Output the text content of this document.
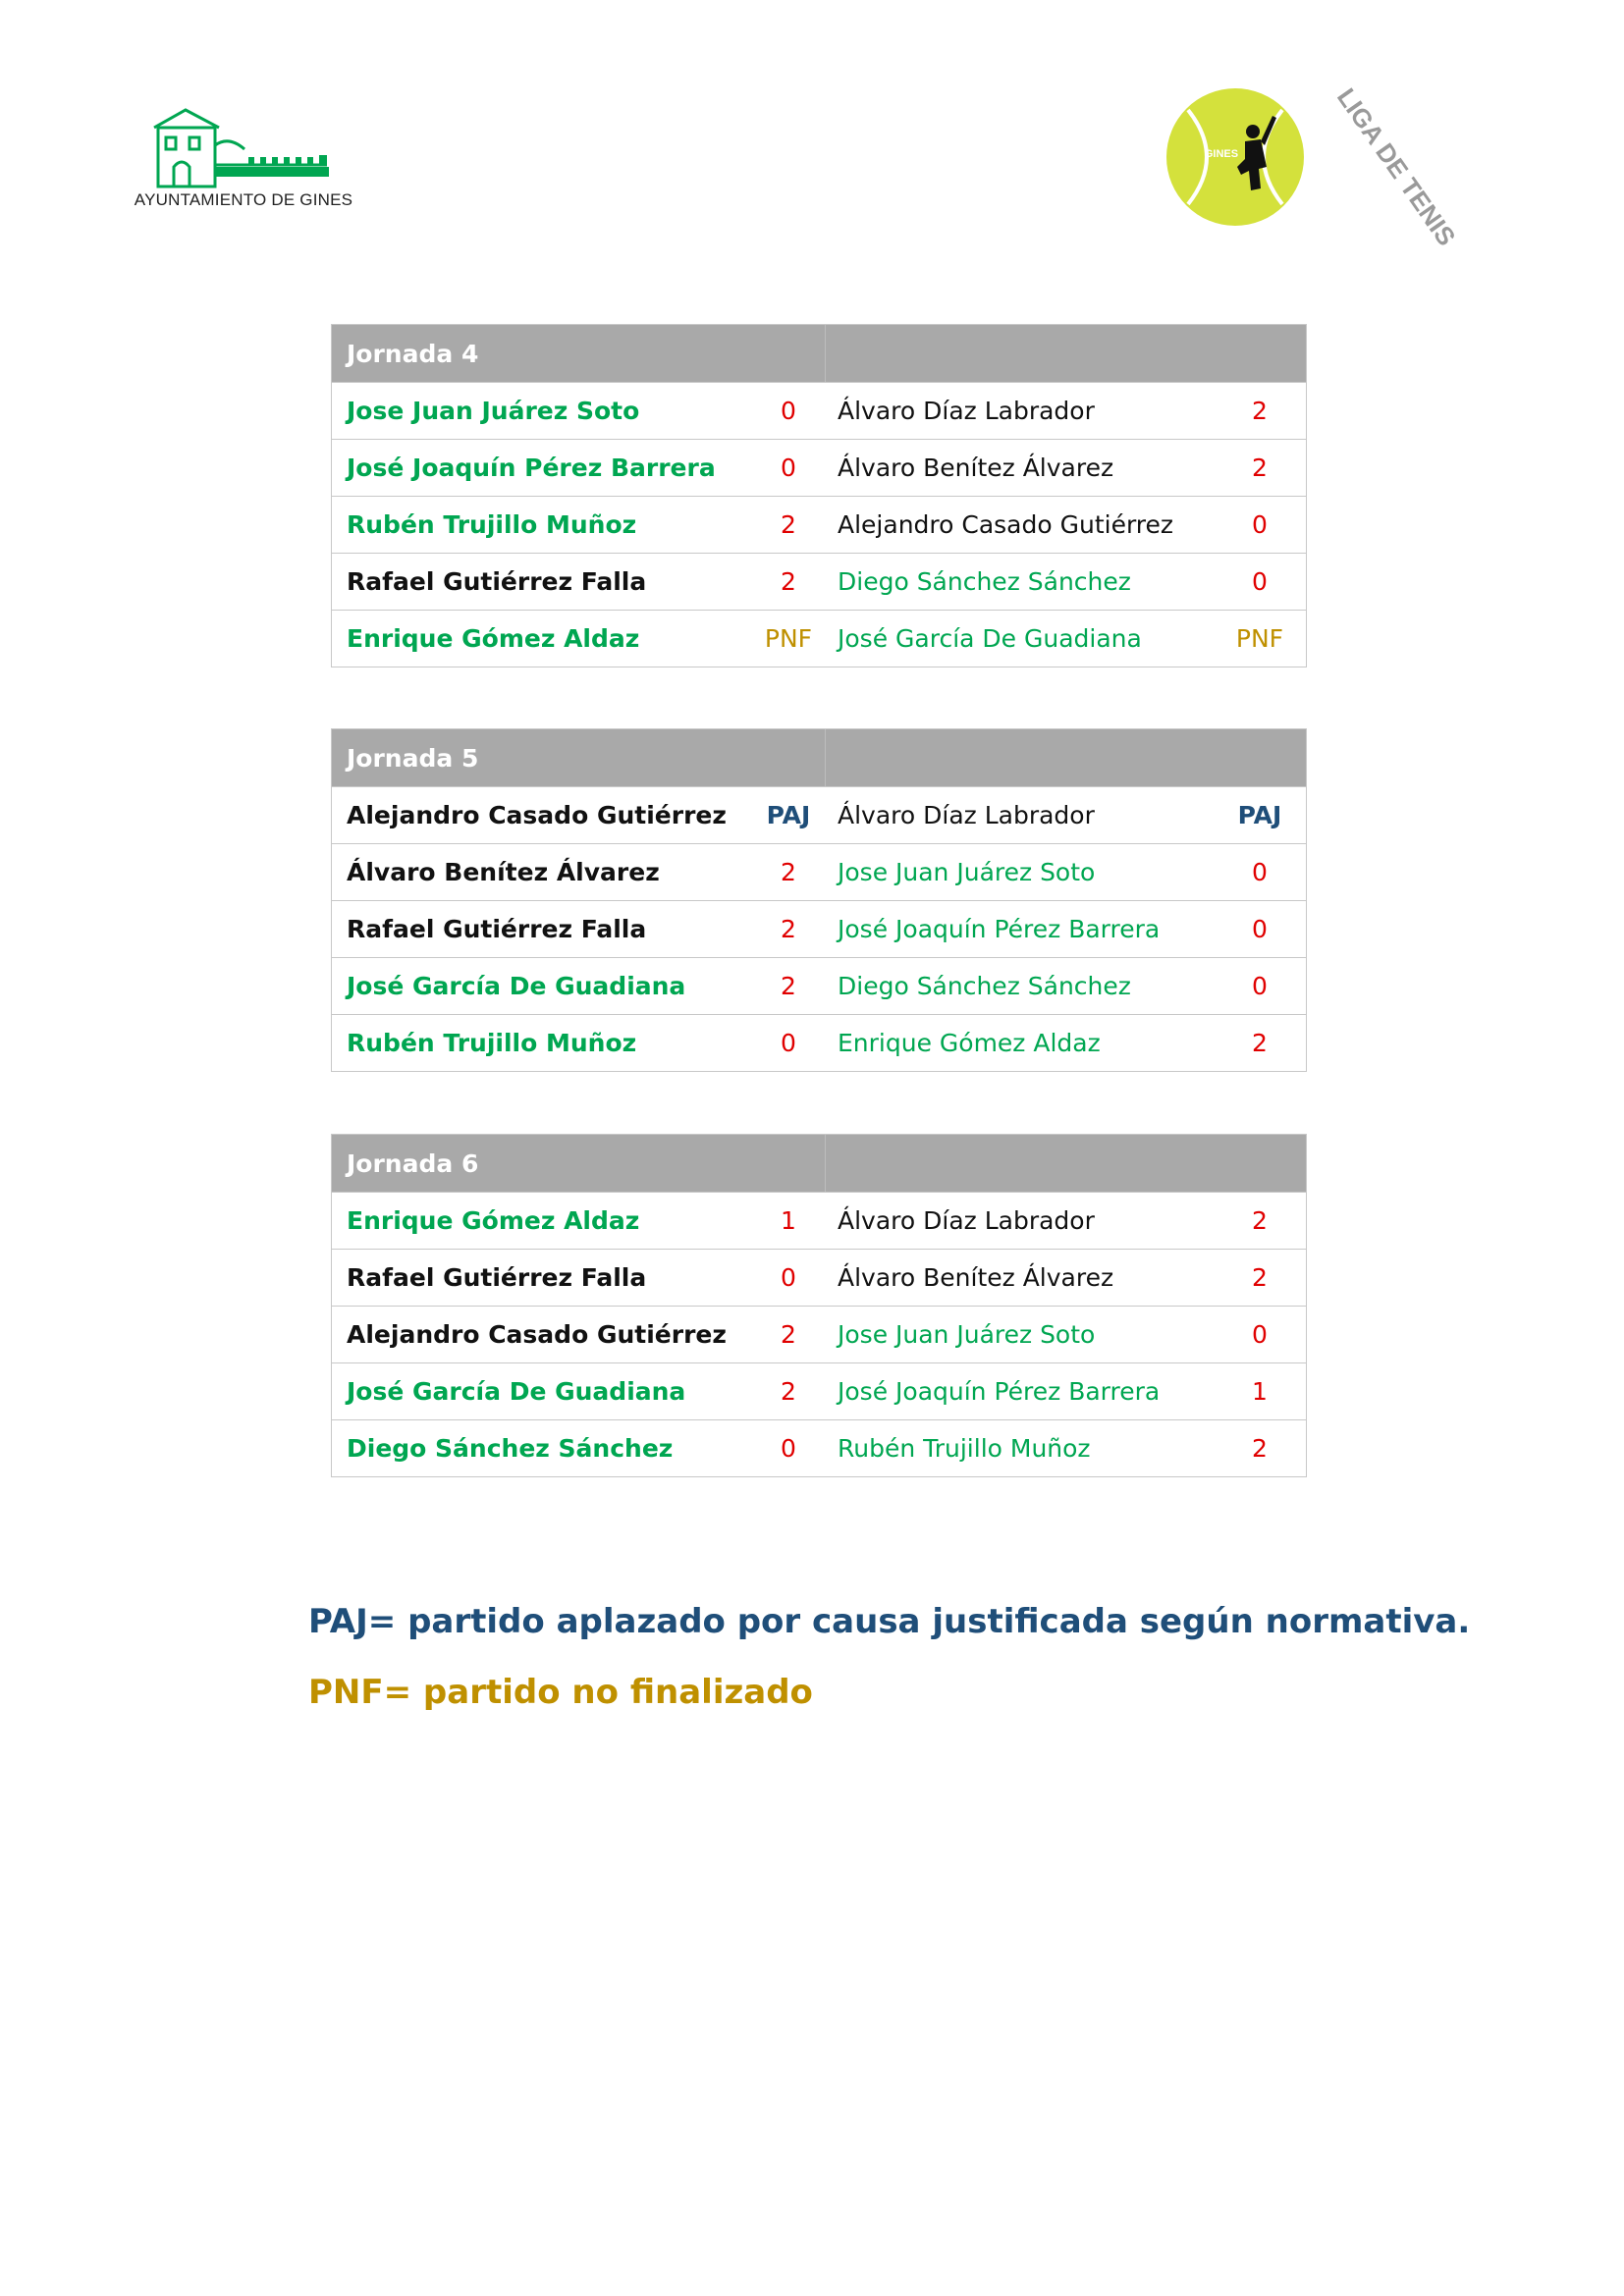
AYUNTAMIENTO DE GINES
GINES	LIGA DE TENIS
Jornada 4
Jose Juan Juárez Soto	0	Álvaro Díaz Labrador	2
José Joaquín Pérez Barrera	0	Álvaro Benítez Álvarez	2
Rubén Trujillo Muñoz	2	Alejandro Casado Gutiérrez	0
Rafael Gutiérrez Falla	2	Diego Sánchez Sánchez	0
Enrique Gómez Aldaz	PNF	José García De Guadiana	PNF
Jornada 5
Alejandro Casado Gutiérrez	PAJ	Álvaro Díaz Labrador	PAJ
Álvaro Benítez Álvarez	2	Jose Juan Juárez Soto	0
Rafael Gutiérrez Falla	2	José Joaquín Pérez Barrera	0
José García De Guadiana	2	Diego Sánchez Sánchez	0
Rubén Trujillo Muñoz	0	Enrique Gómez Aldaz	2
Jornada 6
Enrique Gómez Aldaz	1	Álvaro Díaz Labrador	2
Rafael Gutiérrez Falla	0	Álvaro Benítez Álvarez	2
Alejandro Casado Gutiérrez	2	Jose Juan Juárez Soto	0
José García De Guadiana	2	José Joaquín Pérez Barrera	1
Diego Sánchez Sánchez	0	Rubén Trujillo Muñoz	2
PAJ= partido aplazado por causa justificada según normativa.
PNF= partido no finalizado
